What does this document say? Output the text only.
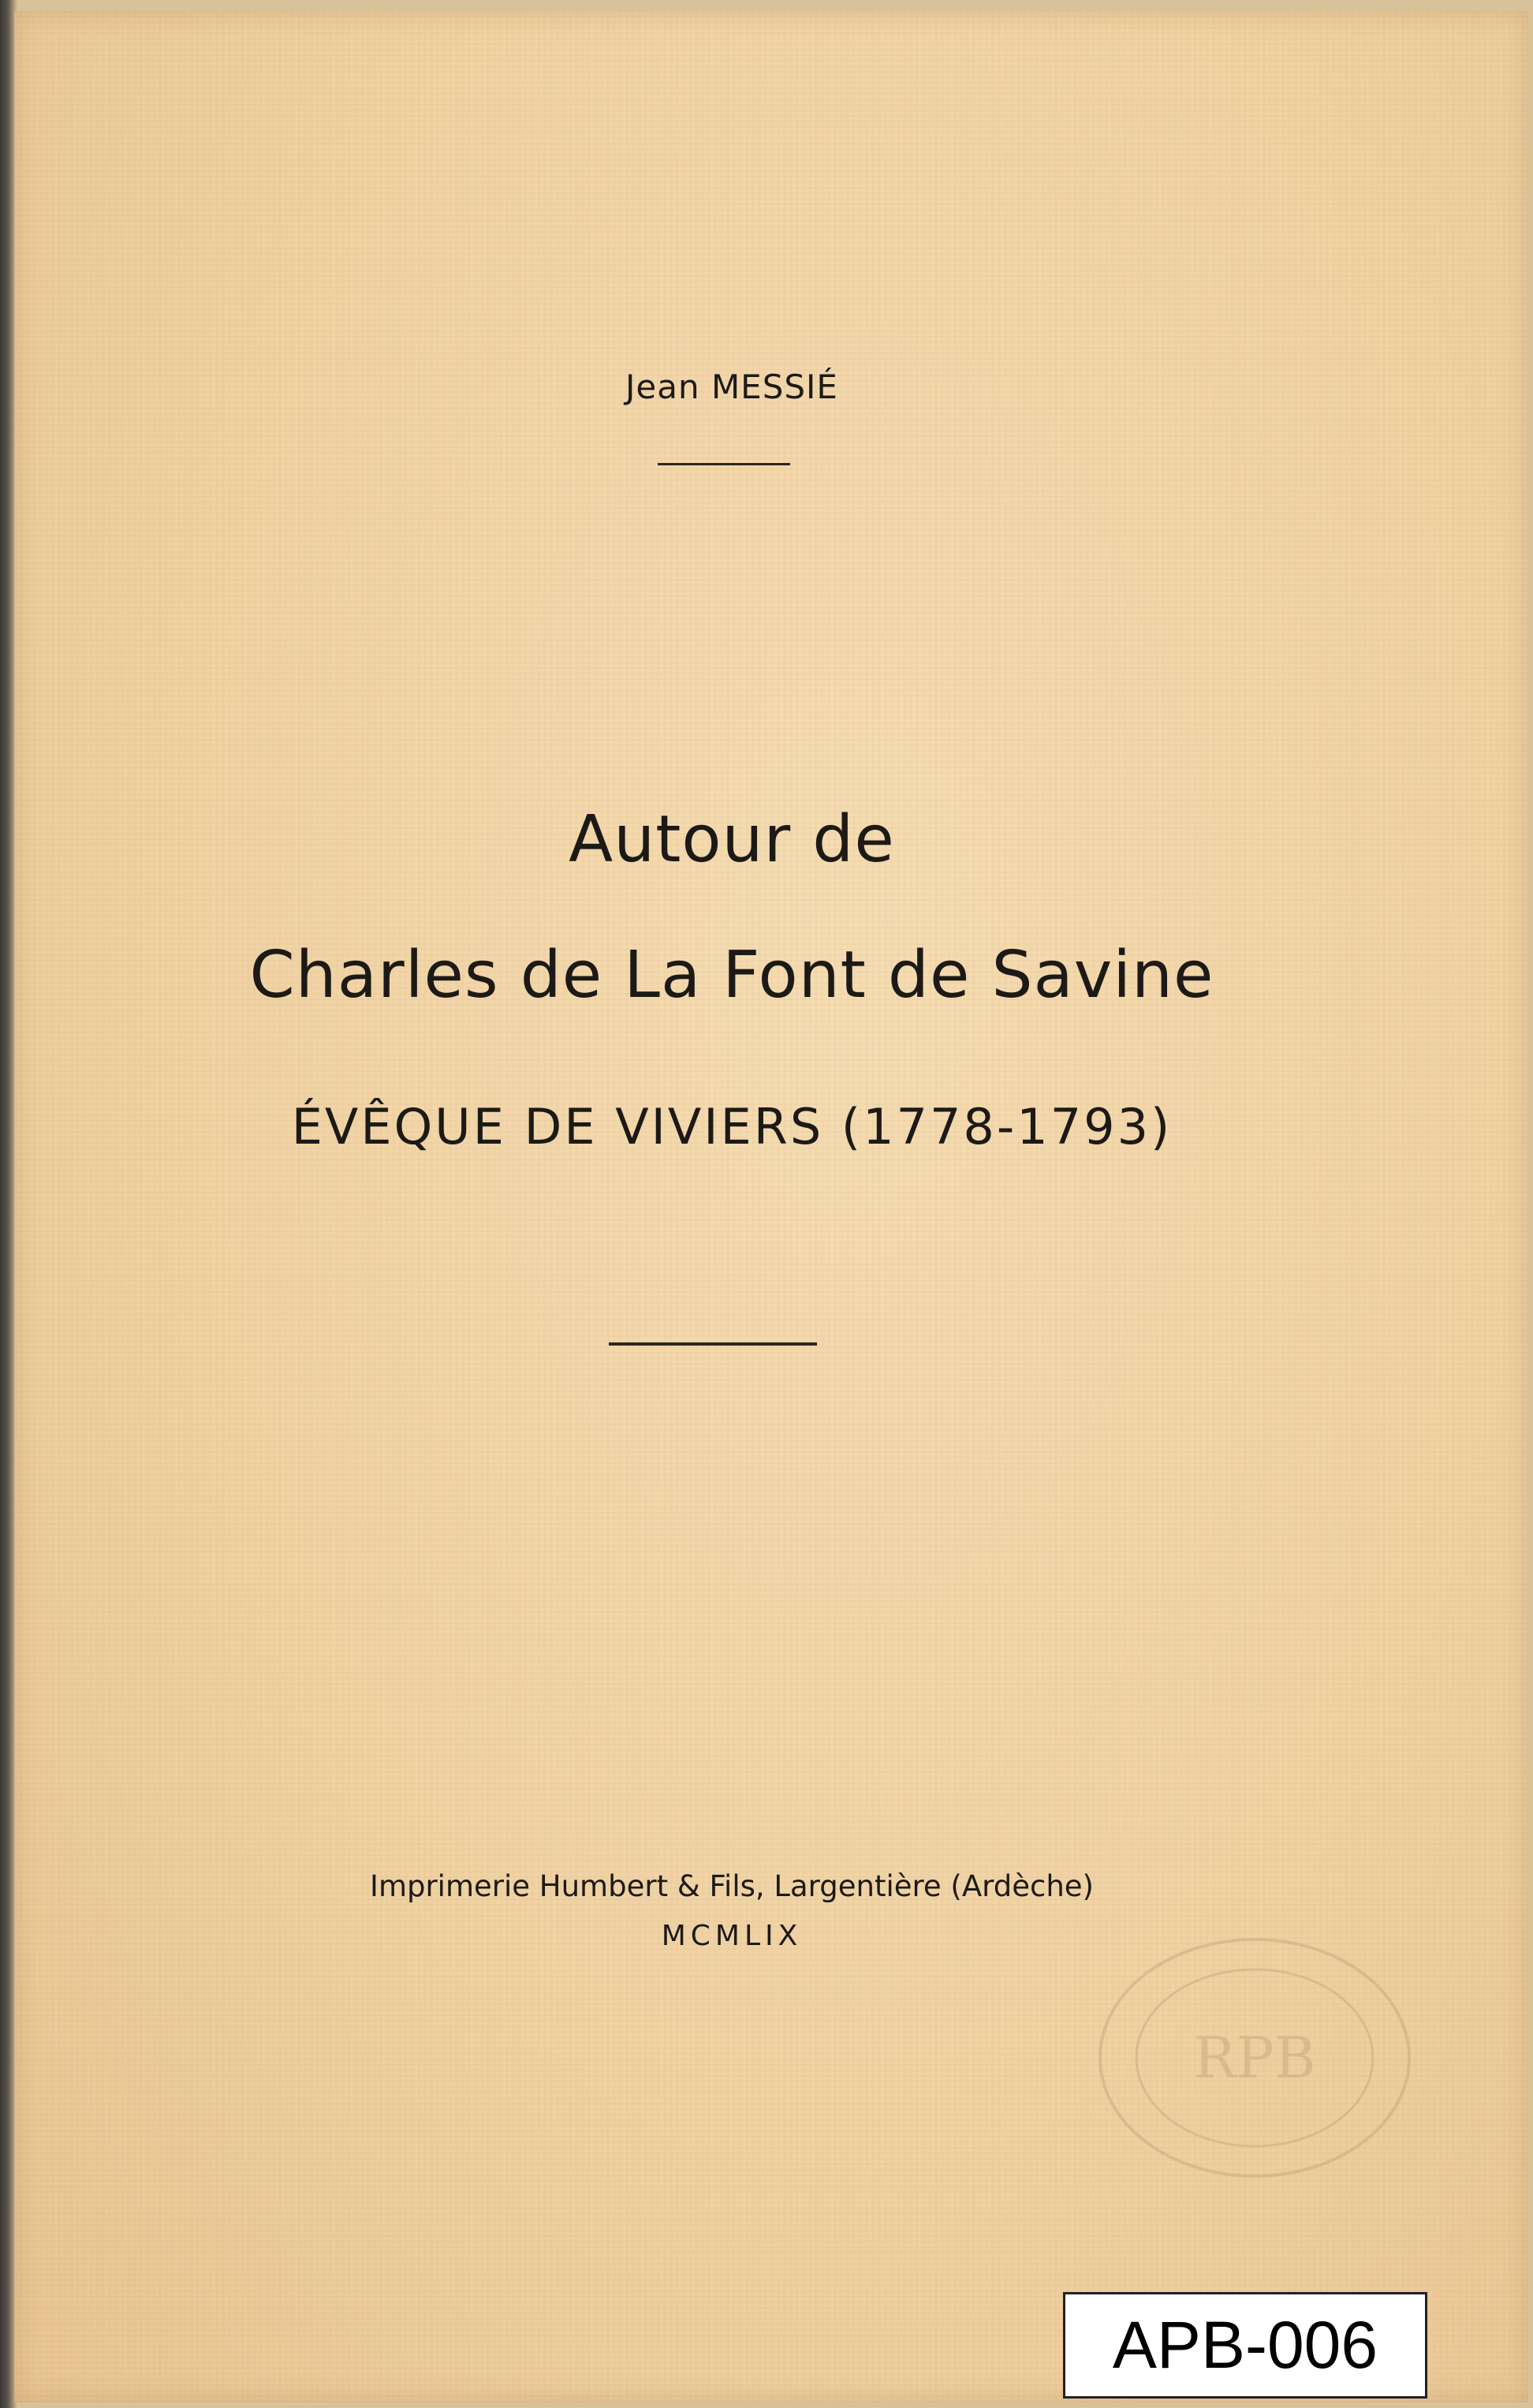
Jean MESSIÉ
Autour de
Charles de La Font de Savine
ÉVÊQUE DE VIVIERS (1778-1793)
Imprimerie Humbert & Fils, Largentière (Ardèche)
MCMLIX
RPB
APB-006
